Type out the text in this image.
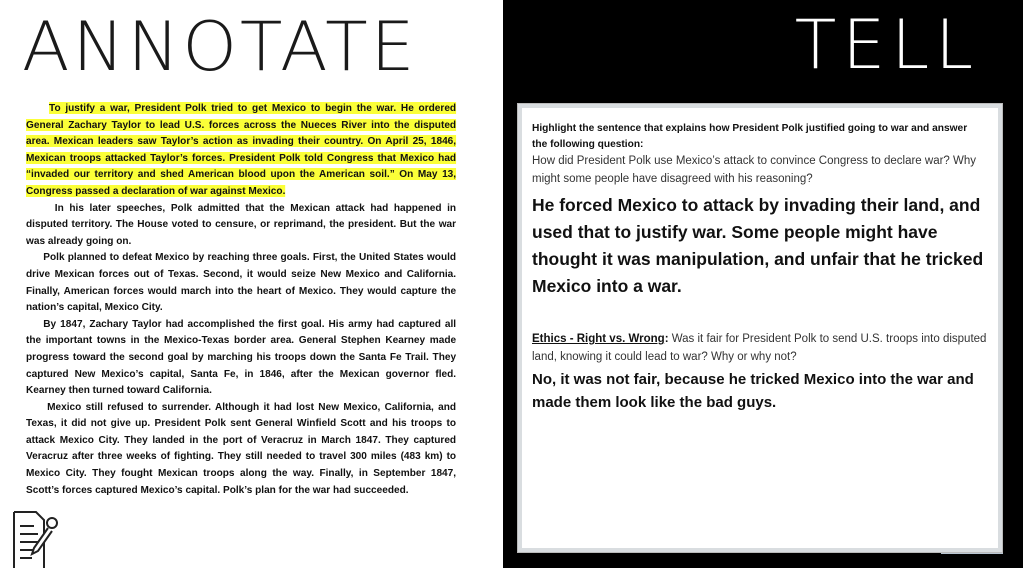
ANNOTATE

To justify a war, President Polk tried to get Mexico to begin the war. He ordered General Zachary Taylor to lead U.S. forces across the Nueces River into the disputed area. Mexican leaders saw Taylor’s action as invading their country. On April 25, 1846, Mexican troops attacked Taylor’s forces. President Polk told Congress that Mexico had “invaded our territory and shed American blood upon the American soil.” On May 13, Congress passed a declaration of war against Mexico.

In his later speeches, Polk admitted that the Mexican attack had happened in disputed territory. The House voted to censure, or reprimand, the president. But the war was already going on.

Polk planned to defeat Mexico by reaching three goals. First, the United States would drive Mexican forces out of Texas. Second, it would seize New Mexico and California. Finally, American forces would march into the heart of Mexico. They would capture the nation’s capital, Mexico City.

By 1847, Zachary Taylor had accomplished the first goal. His army had captured all the important towns in the Mexico-Texas border area. General Stephen Kearney made progress toward the second goal by marching his troops down the Santa Fe Trail. They captured New Mexico’s capital, Santa Fe, in 1846, after the Mexican governor fled. Kearney then turned toward California.

Mexico still refused to surrender. Although it had lost New Mexico, California, and Texas, it did not give up. President Polk sent General Winfield Scott and his troops to attack Mexico City. They landed in the port of Veracruz in March 1847. They captured Veracruz after three weeks of fighting. They still needed to travel 300 miles (483 km) to Mexico City. They fought Mexican troops along the way. Finally, in September 1847, Scott’s forces captured Mexico’s capital. Polk’s plan for the war had succeeded.

TELL
Highlight the sentence that explains how President Polk justified going to war and answer the following question:
How did President Polk use Mexico’s attack to convince Congress to declare war? Why might some people have disagreed with his reasoning?
He forced Mexico to attack by invading their land, and used that to justify war. Some people might have thought it was manipulation, and unfair that he tricked Mexico into a war.
Ethics - Right vs. Wrong: Was it fair for President Polk to send U.S. troops into disputed land, knowing it could lead to war? Why or why not?
No, it was not fair, because he tricked Mexico into the war and made them look like the bad guys.
